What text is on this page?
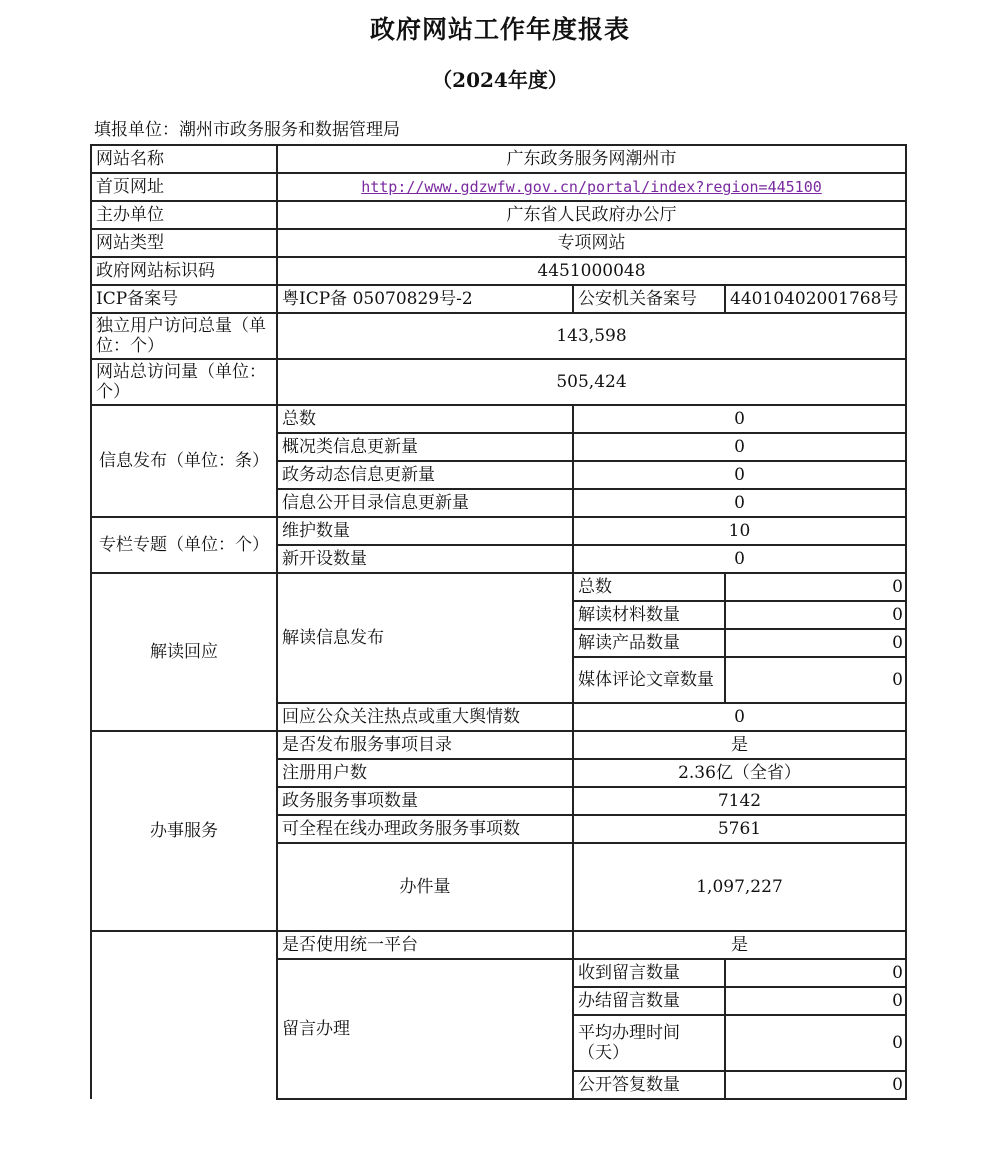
政府网站工作年度报表
（2024年度）
填报单位：潮州市政务服务和数据管理局
网站名称	广东政务服务网潮州市		
首页网址	http://www.gdzwfw.gov.cn/portal/index?region=445100		
主办单位	广东省人民政府办公厅		
网站类型	专项网站		
政府网站标识码	4451000048		
ICP备案号	粤ICP备 05070829号-2	公安机关备案号	44010402001768号
独立用户访问总量（单位：个）	143,598		
网站总访问量（单位：个）	505,424		
信息发布（单位：条）	总数	0	
	概况类信息更新量	0	
	政务动态信息更新量	0	
	信息公开目录信息更新量	0	
专栏专题（单位：个）	维护数量	10	
	新开设数量	0	
解读回应	解读信息发布	总数	0
		解读材料数量	0
		解读产品数量	0
		媒体评论文章数量	0
	回应公众关注热点或重大舆情数	0	
办事服务	是否发布服务事项目录	是	
	注册用户数	2.36亿（全省）	
	政务服务事项数量	7142	
	可全程在线办理政务服务事项数	5761	
	办件量	1,097,227	
	是否使用统一平台	是	
	留言办理	收到留言数量	0
		办结留言数量	0
		平均办理时间（天）	0
		公开答复数量	0
